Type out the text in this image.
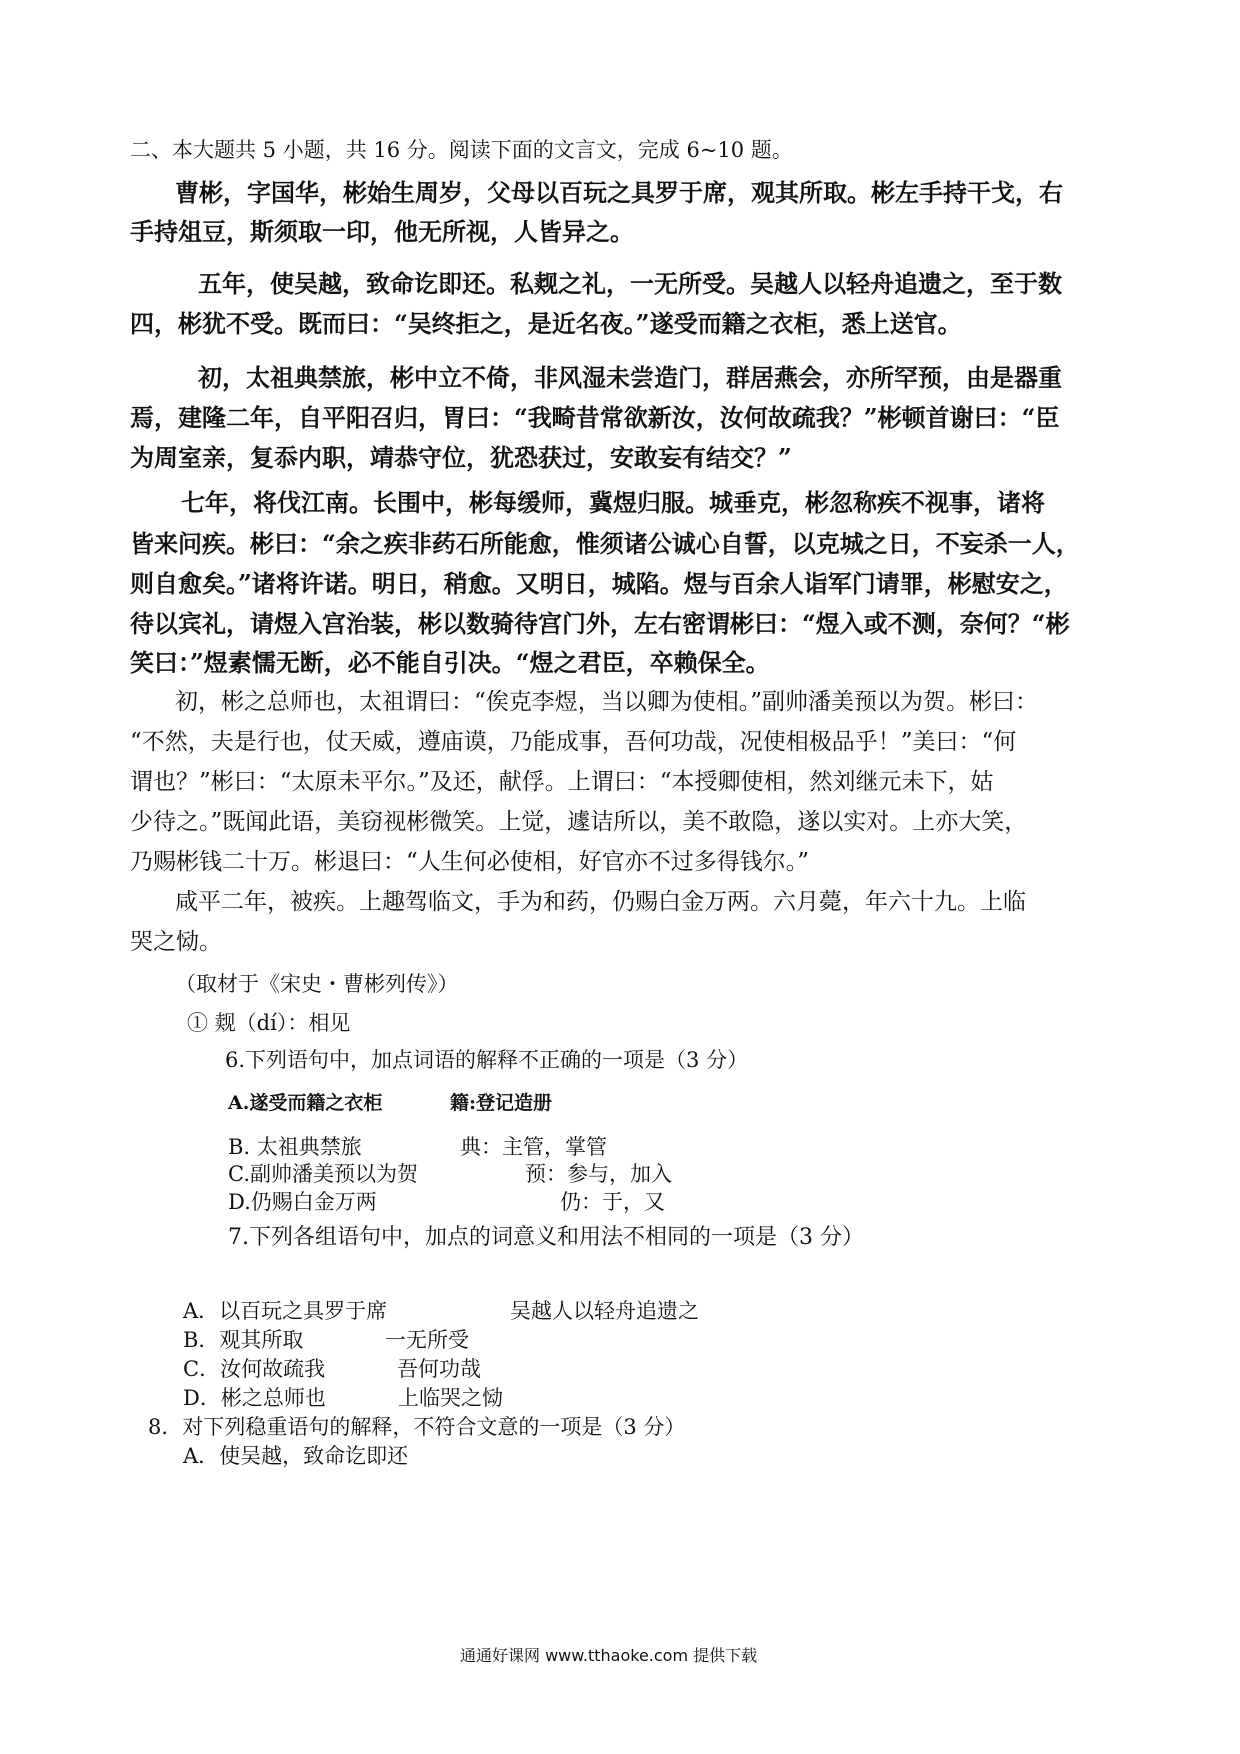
二、本大题共 5 小题，共 16 分。阅读下面的文言文，完成 6~10 题。
曹彬，字国华，彬始生周岁，父母以百玩之具罗于席，观其所取。彬左手持干戈，右
手持俎豆，斯须取一印，他无所视，人皆异之。
五年，使吴越，致命讫即还。私觌之礼，一无所受。吴越人以轻舟追遗之，至于数
四，彬犹不受。既而曰：“吴终拒之，是近名夜。”遂受而籍之衣柜，悉上送官。
初，太祖典禁旅，彬中立不倚，非风湿未尝造门，群居燕会，亦所罕预，由是器重
焉，建隆二年，自平阳召归，胃曰：“我畸昔常欲新汝，汝何故疏我？”彬顿首谢曰：“臣
为周室亲，复忝内职，靖恭守位，犹恐获过，安敢妄有结交？”
七年，将伐江南。长围中，彬每缓师，冀煜归服。城垂克，彬忽称疾不视事，诸将
皆来问疾。彬曰：“余之疾非药石所能愈，惟须诸公诚心自誓，以克城之日，不妄杀一人，
则自愈矣。”诸将许诺。明日，稍愈。又明日，城陷。煜与百余人诣军门请罪，彬慰安之，
待以宾礼，请煜入宫治装，彬以数骑待宫门外，左右密谓彬曰：“煜入或不测，奈何？“彬
笑曰：”煜素懦无断，必不能自引决。“煜之君臣，卒赖保全。
初，彬之总师也，太祖谓曰：“俟克李煜，当以卿为使相。”副帅潘美预以为贺。彬曰：
“不然，夫是行也，仗天威，遵庙谟，乃能成事，吾何功哉，况使相极品乎！”美曰：“何
谓也？”彬曰：“太原未平尔。”及还，献俘。上谓曰：“本授卿使相，然刘继元未下，姑
少待之。”既闻此语，美窃视彬微笑。上觉，遽诘所以，美不敢隐，遂以实对。上亦大笑，
乃赐彬钱二十万。彬退曰：“人生何必使相，好官亦不过多得钱尔。”
咸平二年，被疾。上趣驾临文，手为和药，仍赐白金万两。六月薨，年六十九。上临
哭之恸。
（取材于《宋史・曹彬列传》）
① 觌（dí）：相见
6.下列语句中，加点词语的解释不正确的一项是（3 分）
A.遂受而籍之衣柜	籍:登记造册
B. 太祖典禁旅	典：主管，掌管
C.副帅潘美预以为贺	预：参与，加入
D.仍赐白金万两	仍：于，又
7.下列各组语句中，加点的词意义和用法不相同的一项是（3 分）
A．以百玩之具罗于席	吴越人以轻舟追遗之
B．观其所取	一无所受
C．汝何故疏我	吾何功哉
D．彬之总师也	上临哭之恸
8．对下列稳重语句的解释，不符合文意的一项是（3 分）
A．使吴越，致命讫即还
通通好课网 www.tthaoke.com 提供下载
